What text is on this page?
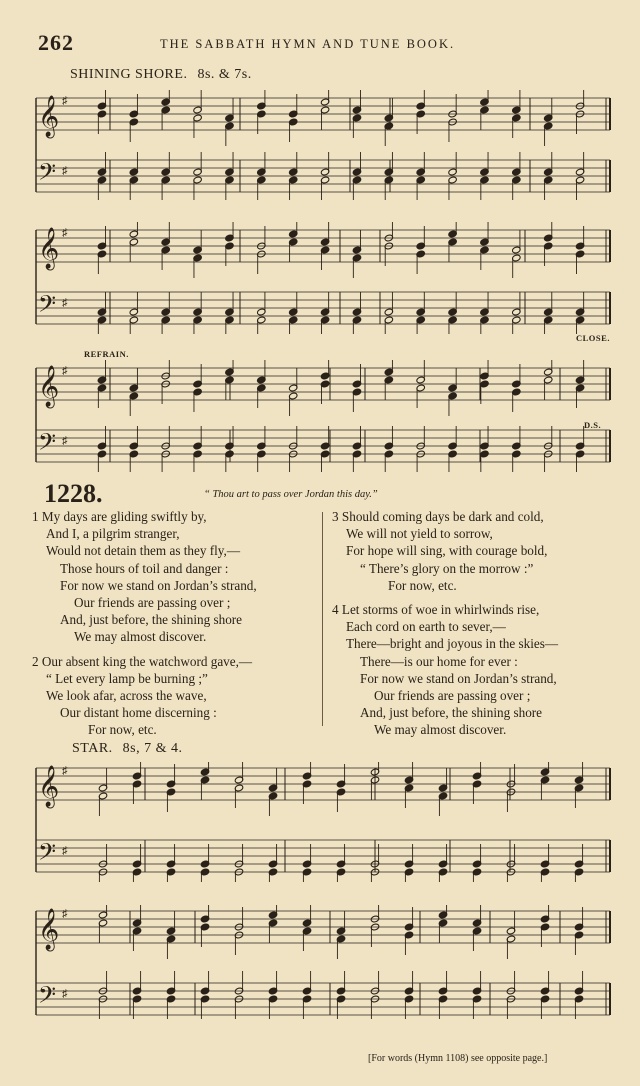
262	THE SABBATH HYMN AND TUNE BOOK.
SHINING SHORE. 8s. & 7s.
𝄞
𝄢
♯
♯
𝄞
𝄢
♯
♯
CLOSE.
REFRAIN.
𝄞
𝄢
♯
♯
D.S.
1228.	“ Thou art to pass over Jordan this day.”
1 My days are gliding swiftly by,
And I, a pilgrim stranger,
Would not detain them as they fly,—
Those hours of toil and danger :
For now we stand on Jordan’s strand,
Our friends are passing over ;
And, just before, the shining shore
We may almost discover.
2 Our absent king the watchword gave,—
“ Let every lamp be burning ;”
We look afar, across the wave,
Our distant home discerning :
For now, etc.
3 Should coming days be dark and cold,
We will not yield to sorrow,
For hope will sing, with courage bold,
“ There’s glory on the morrow :”
For now, etc.
4 Let storms of woe in whirlwinds rise,
Each cord on earth to sever,—
There—bright and joyous in the skies—
There—is our home for ever :
For now we stand on Jordan’s strand,
Our friends are passing over ;
And, just before, the shining shore
We may almost discover.
STAR. 8s, 7 & 4.
𝄞
𝄢
♯
♯
𝄞
𝄢
♯
♯
[For words (Hymn 1108) see opposite page.]
